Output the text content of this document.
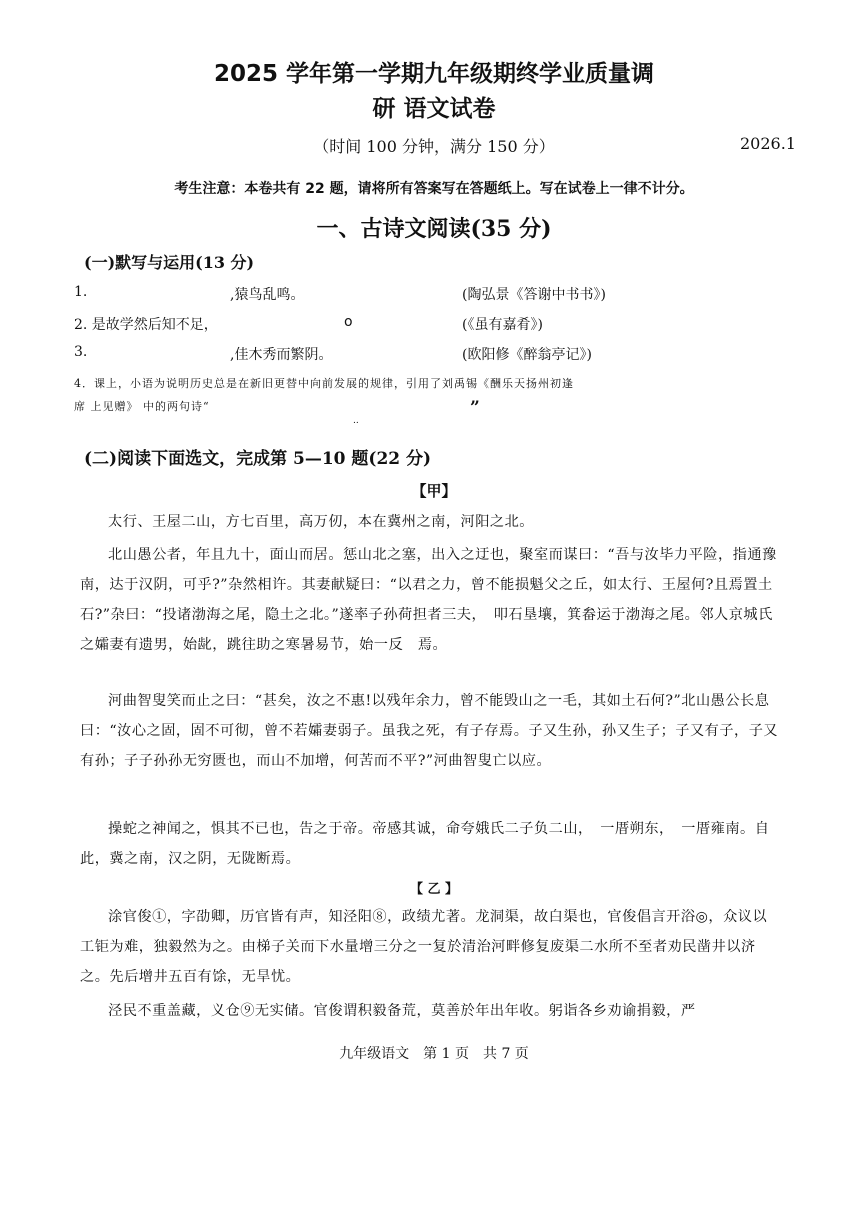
2025 学年第一学期九年级期终学业质量调
研 语文试卷
（时间 100 分钟，满分 150 分）	2026.1
考生注意：本卷共有 22 题，请将所有答案写在答题纸上。写在试卷上一律不计分。
一、古诗文阅读(35 分)
(一)默写与运用(13 分)
1.	,猿鸟乱鸣。	(陶弘景《答谢中书书》)
2. 是故学然后知不足，	o	(《虽有嘉肴》)
3.	,佳木秀而繁阴。	(欧阳修《醉翁亭记》)
4．课上，小语为说明历史总是在新旧更替中向前发展的规律，引用了刘禹锡《酬乐天扬州初逢
席 上见赠》 中的两句诗“	”
..
(二)阅读下面选文，完成第 5—10 题(22 分)
【甲】
太行、王屋二山，方七百里，高万仞，本在冀州之南，河阳之北。
北山愚公者，年且九十，面山而居。惩山北之塞，出入之迂也，聚室而谋曰：“吾与汝毕力平险，指通豫南，达于汉阴，可乎?”杂然相许。其妻献疑曰：“以君之力，曾不能损魁父之丘，如太行、王屋何?且焉置土石?”杂曰：“投诸渤海之尾，隐土之北。”遂率子孙荷担者三夫，　叩石垦壤，箕畚运于渤海之尾。邻人京城氏之孀妻有遗男，始龀，跳往助之寒暑易节，始一反　焉。
河曲智叟笑而止之曰：“甚矣，汝之不惠!以残年余力，曾不能毁山之一毛，其如土石何?”北山愚公长息曰：“汝心之固，固不可彻，曾不若孀妻弱子。虽我之死，有子存焉。子又生孙，孙又生子；子又有子，子又有孙；子子孙孙无穷匮也，而山不加增，何苦而不平?”河曲智叟亡以应。
操蛇之神闻之，惧其不已也，告之于帝。帝感其诚，命夸娥氏二子负二山，　一厝朔东，　一厝雍南。自此，冀之南，汉之阴，无陇断焉。
【 乙 】
涂官俊①，字劭卿，历官皆有声，知泾阳⑧，政绩尤著。龙洞渠，故白渠也，官俊倡言开浴◎，众议以工钜为难，独毅然为之。由梯子关而下水量增三分之一复於清治河畔修复废渠二水所不至者劝民凿井以济之。先后增井五百有馀，无旱忧。
泾民不重盖藏，义仓⑨无实储。官俊谓积毅备荒，莫善於年出年收。躬诣各乡劝谕捐毅，严
九年级语文　第 1 页　共 7 页
